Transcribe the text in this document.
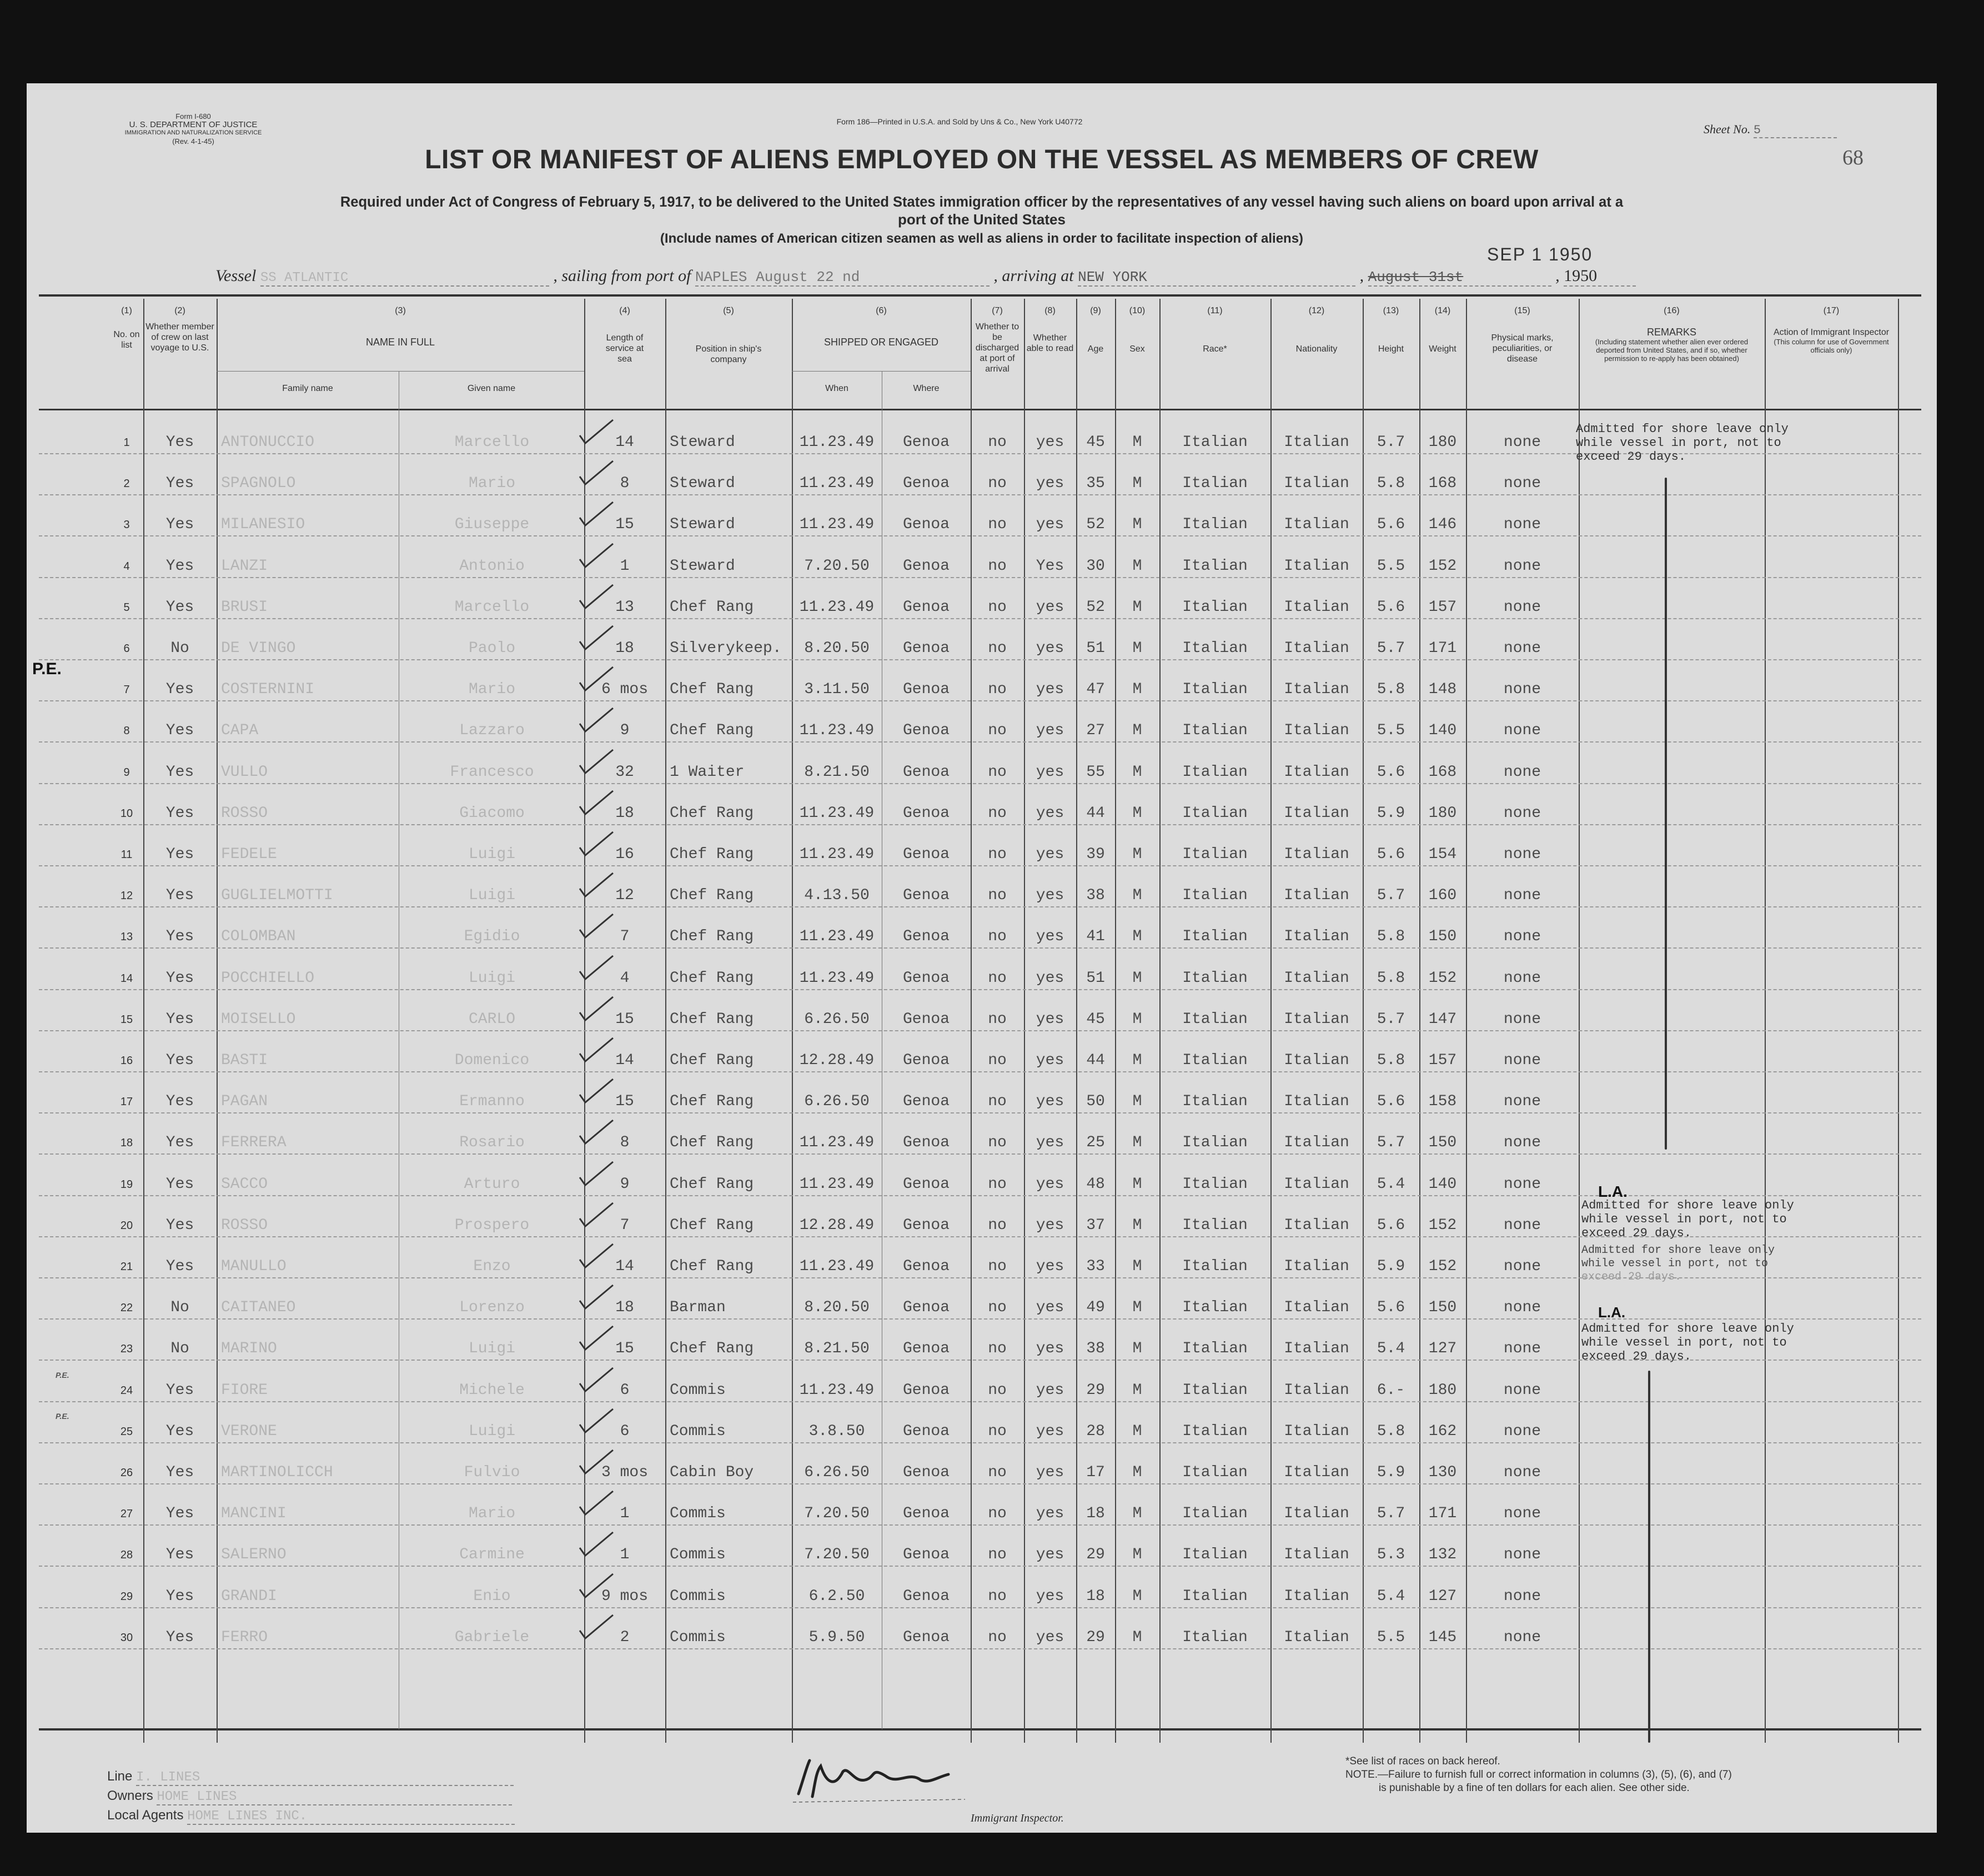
Form I-680
U. S. DEPARTMENT OF JUSTICE
IMMIGRATION AND NATURALIZATION SERVICE
(Rev. 4-1-45)
Form 186—Printed in U.S.A. and Sold by Uns & Co., New York U40772
Sheet No. 5
68
LIST OR MANIFEST OF ALIENS EMPLOYED ON THE VESSEL AS MEMBERS OF CREW
Required under Act of Congress of February 5, 1917, to be delivered to the United States immigration officer by the representatives of any vessel having such aliens on board upon arrival at a
port of the United States
(Include names of American citizen seamen as well as aliens in order to facilitate inspection of aliens)
SEP 1 1950
Vessel SS ATLANTIC	, sailing from port of NAPLES August 22 nd	, arriving at NEW YORK	, August 31st	, 1950
(2)
Whether member of crew on last voyage to U.S.
(1)
No. on list
(3)
NAME IN FULL
Family name	Given name
(4)
Length of service at sea
(5)
Position in ship's company
(6)
SHIPPED OR ENGAGED
When	Where
(7)
Whether to be discharged at port of arrival
(8)
Whether able to read
(9)
Age
(10)
Sex
(11)
Race*
(12)
Nationality
(13)
Height
(14)
Weight
(15)
Physical marks, peculiarities, or disease
(16)
REMARKS
(Including statement whether alien ever ordered deported from United States, and if so, whether permission to re-apply has been obtained)
(17)
Action of Immigrant Inspector
(This column for use of Government officials only)
1	Yes	ANTONUCCIO	Marcello	14	Steward	11.23.49	Genoa	no	yes	45	M	Italian	Italian	5.7	180	none
2	Yes	SPAGNOLO	Mario	8	Steward	11.23.49	Genoa	no	yes	35	M	Italian	Italian	5.8	168	none
3	Yes	MILANESIO	Giuseppe	15	Steward	11.23.49	Genoa	no	yes	52	M	Italian	Italian	5.6	146	none
4	Yes	LANZI	Antonio	1	Steward	7.20.50	Genoa	no	Yes	30	M	Italian	Italian	5.5	152	none
5	Yes	BRUSI	Marcello	13	Chef Rang	11.23.49	Genoa	no	yes	52	M	Italian	Italian	5.6	157	none
6	No	DE VINGO	Paolo	18	Silverykeep.	8.20.50	Genoa	no	yes	51	M	Italian	Italian	5.7	171	none
7	Yes	COSTERNINI	Mario	6 mos	Chef Rang	3.11.50	Genoa	no	yes	47	M	Italian	Italian	5.8	148	none
8	Yes	CAPA	Lazzaro	9	Chef Rang	11.23.49	Genoa	no	yes	27	M	Italian	Italian	5.5	140	none
9	Yes	VULLO	Francesco	32	1 Waiter	8.21.50	Genoa	no	yes	55	M	Italian	Italian	5.6	168	none
10	Yes	ROSSO	Giacomo	18	Chef Rang	11.23.49	Genoa	no	yes	44	M	Italian	Italian	5.9	180	none
11	Yes	FEDELE	Luigi	16	Chef Rang	11.23.49	Genoa	no	yes	39	M	Italian	Italian	5.6	154	none
12	Yes	GUGLIELMOTTI	Luigi	12	Chef Rang	4.13.50	Genoa	no	yes	38	M	Italian	Italian	5.7	160	none
13	Yes	COLOMBAN	Egidio	7	Chef Rang	11.23.49	Genoa	no	yes	41	M	Italian	Italian	5.8	150	none
14	Yes	POCCHIELLO	Luigi	4	Chef Rang	11.23.49	Genoa	no	yes	51	M	Italian	Italian	5.8	152	none
15	Yes	MOISELLO	CARLO	15	Chef Rang	6.26.50	Genoa	no	yes	45	M	Italian	Italian	5.7	147	none
16	Yes	BASTI	Domenico	14	Chef Rang	12.28.49	Genoa	no	yes	44	M	Italian	Italian	5.8	157	none
17	Yes	PAGAN	Ermanno	15	Chef Rang	6.26.50	Genoa	no	yes	50	M	Italian	Italian	5.6	158	none
18	Yes	FERRERA	Rosario	8	Chef Rang	11.23.49	Genoa	no	yes	25	M	Italian	Italian	5.7	150	none
19	Yes	SACCO	Arturo	9	Chef Rang	11.23.49	Genoa	no	yes	48	M	Italian	Italian	5.4	140	none
20	Yes	ROSSO	Prospero	7	Chef Rang	12.28.49	Genoa	no	yes	37	M	Italian	Italian	5.6	152	none
21	Yes	MANULLO	Enzo	14	Chef Rang	11.23.49	Genoa	no	yes	33	M	Italian	Italian	5.9	152	none
22	No	CAITANEO	Lorenzo	18	Barman	8.20.50	Genoa	no	yes	49	M	Italian	Italian	5.6	150	none
23	No	MARINO	Luigi	15	Chef Rang	8.21.50	Genoa	no	yes	38	M	Italian	Italian	5.4	127	none
24	Yes	FIORE	Michele	6	Commis	11.23.49	Genoa	no	yes	29	M	Italian	Italian	6.-	180	none
25	Yes	VERONE	Luigi	6	Commis	3.8.50	Genoa	no	yes	28	M	Italian	Italian	5.8	162	none
26	Yes	MARTINOLICCH	Fulvio	3 mos	Cabin Boy	6.26.50	Genoa	no	yes	17	M	Italian	Italian	5.9	130	none
27	Yes	MANCINI	Mario	1	Commis	7.20.50	Genoa	no	yes	18	M	Italian	Italian	5.7	171	none
28	Yes	SALERNO	Carmine	1	Commis	7.20.50	Genoa	no	yes	29	M	Italian	Italian	5.3	132	none
29	Yes	GRANDI	Enio	9 mos	Commis	6.2.50	Genoa	no	yes	18	M	Italian	Italian	5.4	127	none
30	Yes	FERRO	Gabriele	2	Commis	5.9.50	Genoa	no	yes	29	M	Italian	Italian	5.5	145	none
P.E.
P.E.
P.E.
Admitted for shore leave only
while vessel in port, not to
exceed 29 days.
L.A.
Admitted for shore leave only
while vessel in port, not to
exceed 29 days.
Admitted for shore leave only
while vessel in port, not to
exceed 29 days.
L.A.
Admitted for shore leave only
while vessel in port, not to
exceed 29 days.
Line I. LINES
Owners HOME LINES
Local Agents HOME LINES INC.	Immigrant Inspector.
*See list of races on back hereof.
NOTE.—Failure to furnish full or correct information in columns (3), (5), (6), and (7)
is punishable by a fine of ten dollars for each alien. See other side.
